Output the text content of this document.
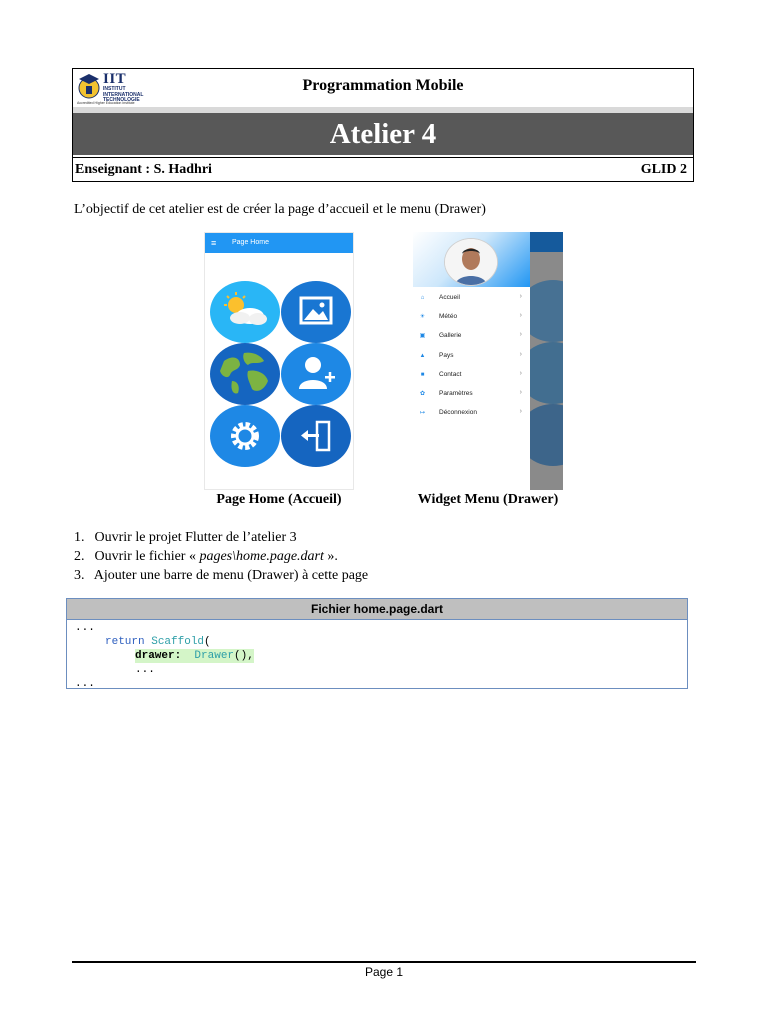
IIT
INSTITUT INTERNATIONAL TECHNOLOGIE
Accredited Higher Education Institute
Programmation Mobile
Atelier 4
Enseignant : S. Hadhri	GLID 2
L’objectif de cet atelier est de créer la page d’accueil et le menu (Drawer)
≡ Page Home
Page Home (Accueil)
⌂ Accueil	›
☀ Météo	›
▣ Gallerie	›
▲ Pays	›
■ Contact	›
✿ Paramètres	›
↦ Déconnexion	›
Widget Menu (Drawer)
1. Ouvrir le projet Flutter de l’atelier 3
2. Ouvrir le fichier « pages\home.page.dart ».
3. Ajouter une barre de menu (Drawer) à cette page
Fichier home.page.dart
...
return Scaffold(
drawer: Drawer(),
...
...
Page 1
